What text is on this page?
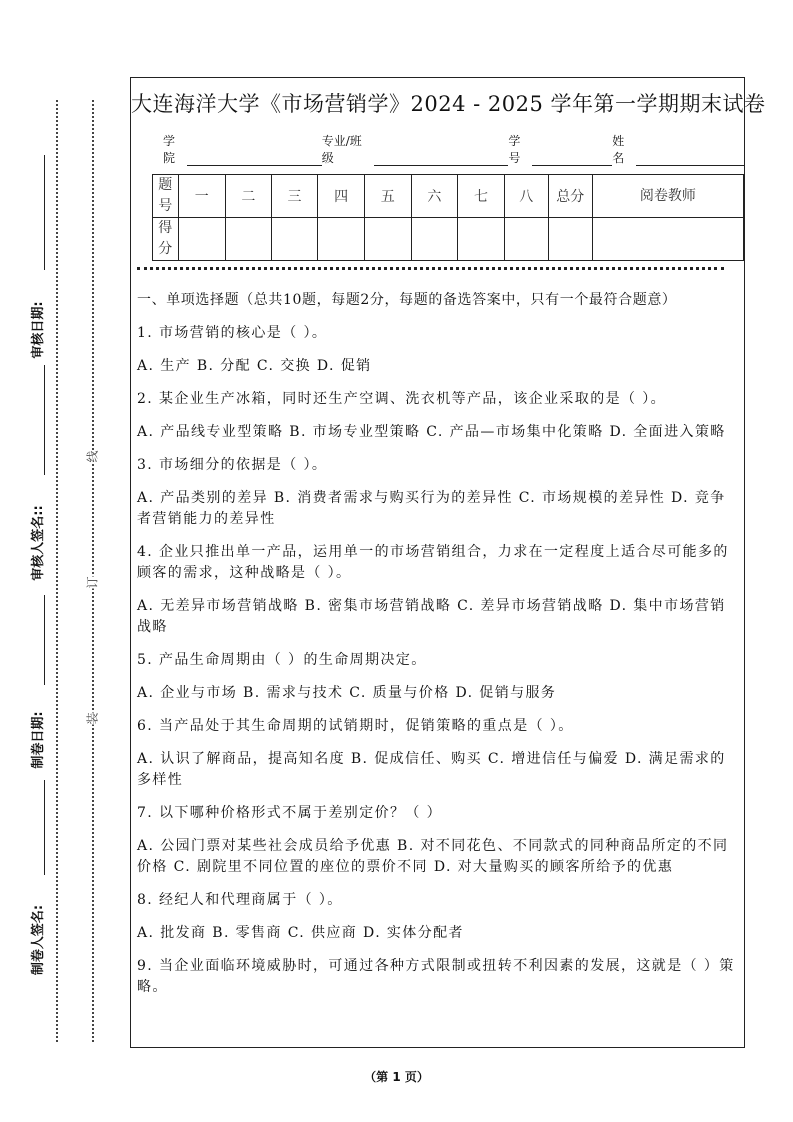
审核日期:
审核人签名::
制卷日期:
制卷人签名:
线
订
装
大连海洋大学《市场营销学》2024 - 2025 学年第一学期期末试卷
学院
专业/班级
学号
姓名
题号	一	二	三	四	五	六	七	八	总分	阅卷教师
得分										
一、单项选择题（总共10题，每题2分，每题的备选答案中，只有一个最符合题意）
1. 市场营销的核心是（ ）。
A. 生产 B. 分配 C. 交换 D. 促销
2. 某企业生产冰箱，同时还生产空调、洗衣机等产品，该企业采取的是（ ）。
A. 产品线专业型策略 B. 市场专业型策略 C. 产品—市场集中化策略 D. 全面进入策略
3. 市场细分的依据是（ ）。
A. 产品类别的差异 B. 消费者需求与购买行为的差异性 C. 市场规模的差异性 D. 竞争者营销能力的差异性
4. 企业只推出单一产品，运用单一的市场营销组合，力求在一定程度上适合尽可能多的顾客的需求，这种战略是（ ）。
A. 无差异市场营销战略 B. 密集市场营销战略 C. 差异市场营销战略 D. 集中市场营销战略
5. 产品生命周期由（ ）的生命周期决定。
A. 企业与市场 B. 需求与技术 C. 质量与价格 D. 促销与服务
6. 当产品处于其生命周期的试销期时，促销策略的重点是（ ）。
A. 认识了解商品，提高知名度 B. 促成信任、购买 C. 增进信任与偏爱 D. 满足需求的多样性
7. 以下哪种价格形式不属于差别定价？（ ）
A. 公园门票对某些社会成员给予优惠 B. 对不同花色、不同款式的同种商品所定的不同价格 C. 剧院里不同位置的座位的票价不同 D. 对大量购买的顾客所给予的优惠
8. 经纪人和代理商属于（ ）。
A. 批发商 B. 零售商 C. 供应商 D. 实体分配者
9. 当企业面临环境威胁时，可通过各种方式限制或扭转不利因素的发展，这就是（ ）策略。
（第 1 页）
